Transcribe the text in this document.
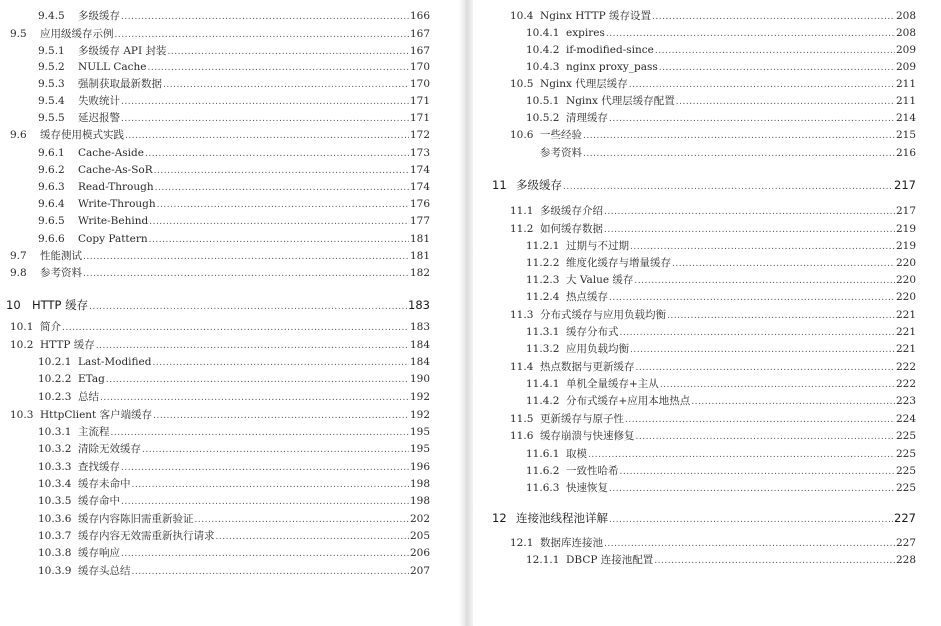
9.4.5	多级缓存 .....	166
9.5	应用级缓存示例 .....	167
9.5.1	多级缓存 API 封装 .....	167
9.5.2	NULL Cache .....	170
9.5.3	强制获取最新数据 .....	170
9.5.4	失败统计 .....	171
9.5.5	延迟报警 .....	171
9.6	缓存使用模式实践 .....	172
9.6.1	Cache-Aside .....	173
9.6.2	Cache-As-SoR .....	174
9.6.3	Read-Through .....	174
9.6.4	Write-Through .....	176
9.6.5	Write-Behind .....	177
9.6.6	Copy Pattern .....	181
9.7	性能测试 .....	181
9.8	参考资料 .....	182
10 HTTP 缓存 .....	183
10.1 简介 .....	183
10.2 HTTP 缓存 .....	184
10.2.1 Last-Modified .....	184
10.2.2 ETag .....	190
10.2.3 总结 .....	192
10.3 HttpClient 客户端缓存 .....	192
10.3.1 主流程 .....	195
10.3.2 清除无效缓存 .....	195
10.3.3 查找缓存 .....	196
10.3.4 缓存未命中 .....	198
10.3.5 缓存命中 .....	198
10.3.6 缓存内容陈旧需重新验证 .....	202
10.3.7 缓存内容无效需重新执行请求 .....	205
10.3.8 缓存响应 .....	206
10.3.9 缓存头总结 .....	207
10.4 Nginx HTTP 缓存设置 .....	208
10.4.1 expires .....	208
10.4.2 if-modified-since .....	209
10.4.3 nginx proxy_pass .....	209
10.5 Nginx 代理层缓存 .....	211
10.5.1 Nginx 代理层缓存配置 .....	211
10.5.2 清理缓存 .....	214
10.6 一些经验 .....	215
参考资料 .....	216
11 多级缓存 .....	217
11.1 多级缓存介绍 .....	217
11.2 如何缓存数据 .....	219
11.2.1 过期与不过期 .....	219
11.2.2 维度化缓存与增量缓存 .....	220
11.2.3 大 Value 缓存 .....	220
11.2.4 热点缓存 .....	220
11.3 分布式缓存与应用负载均衡 .....	221
11.3.1 缓存分布式 .....	221
11.3.2 应用负载均衡 .....	221
11.4 热点数据与更新缓存 .....	222
11.4.1 单机全量缓存+主从 .....	222
11.4.2 分布式缓存+应用本地热点 .....	223
11.5 更新缓存与原子性 .....	224
11.6 缓存崩溃与快速修复 .....	225
11.6.1 取模 .....	225
11.6.2 一致性哈希 .....	225
11.6.3 快速恢复 .....	225
12 连接池线程池详解 .....	227
12.1 数据库连接池 .....	227
12.1.1 DBCP 连接池配置 .....	228
